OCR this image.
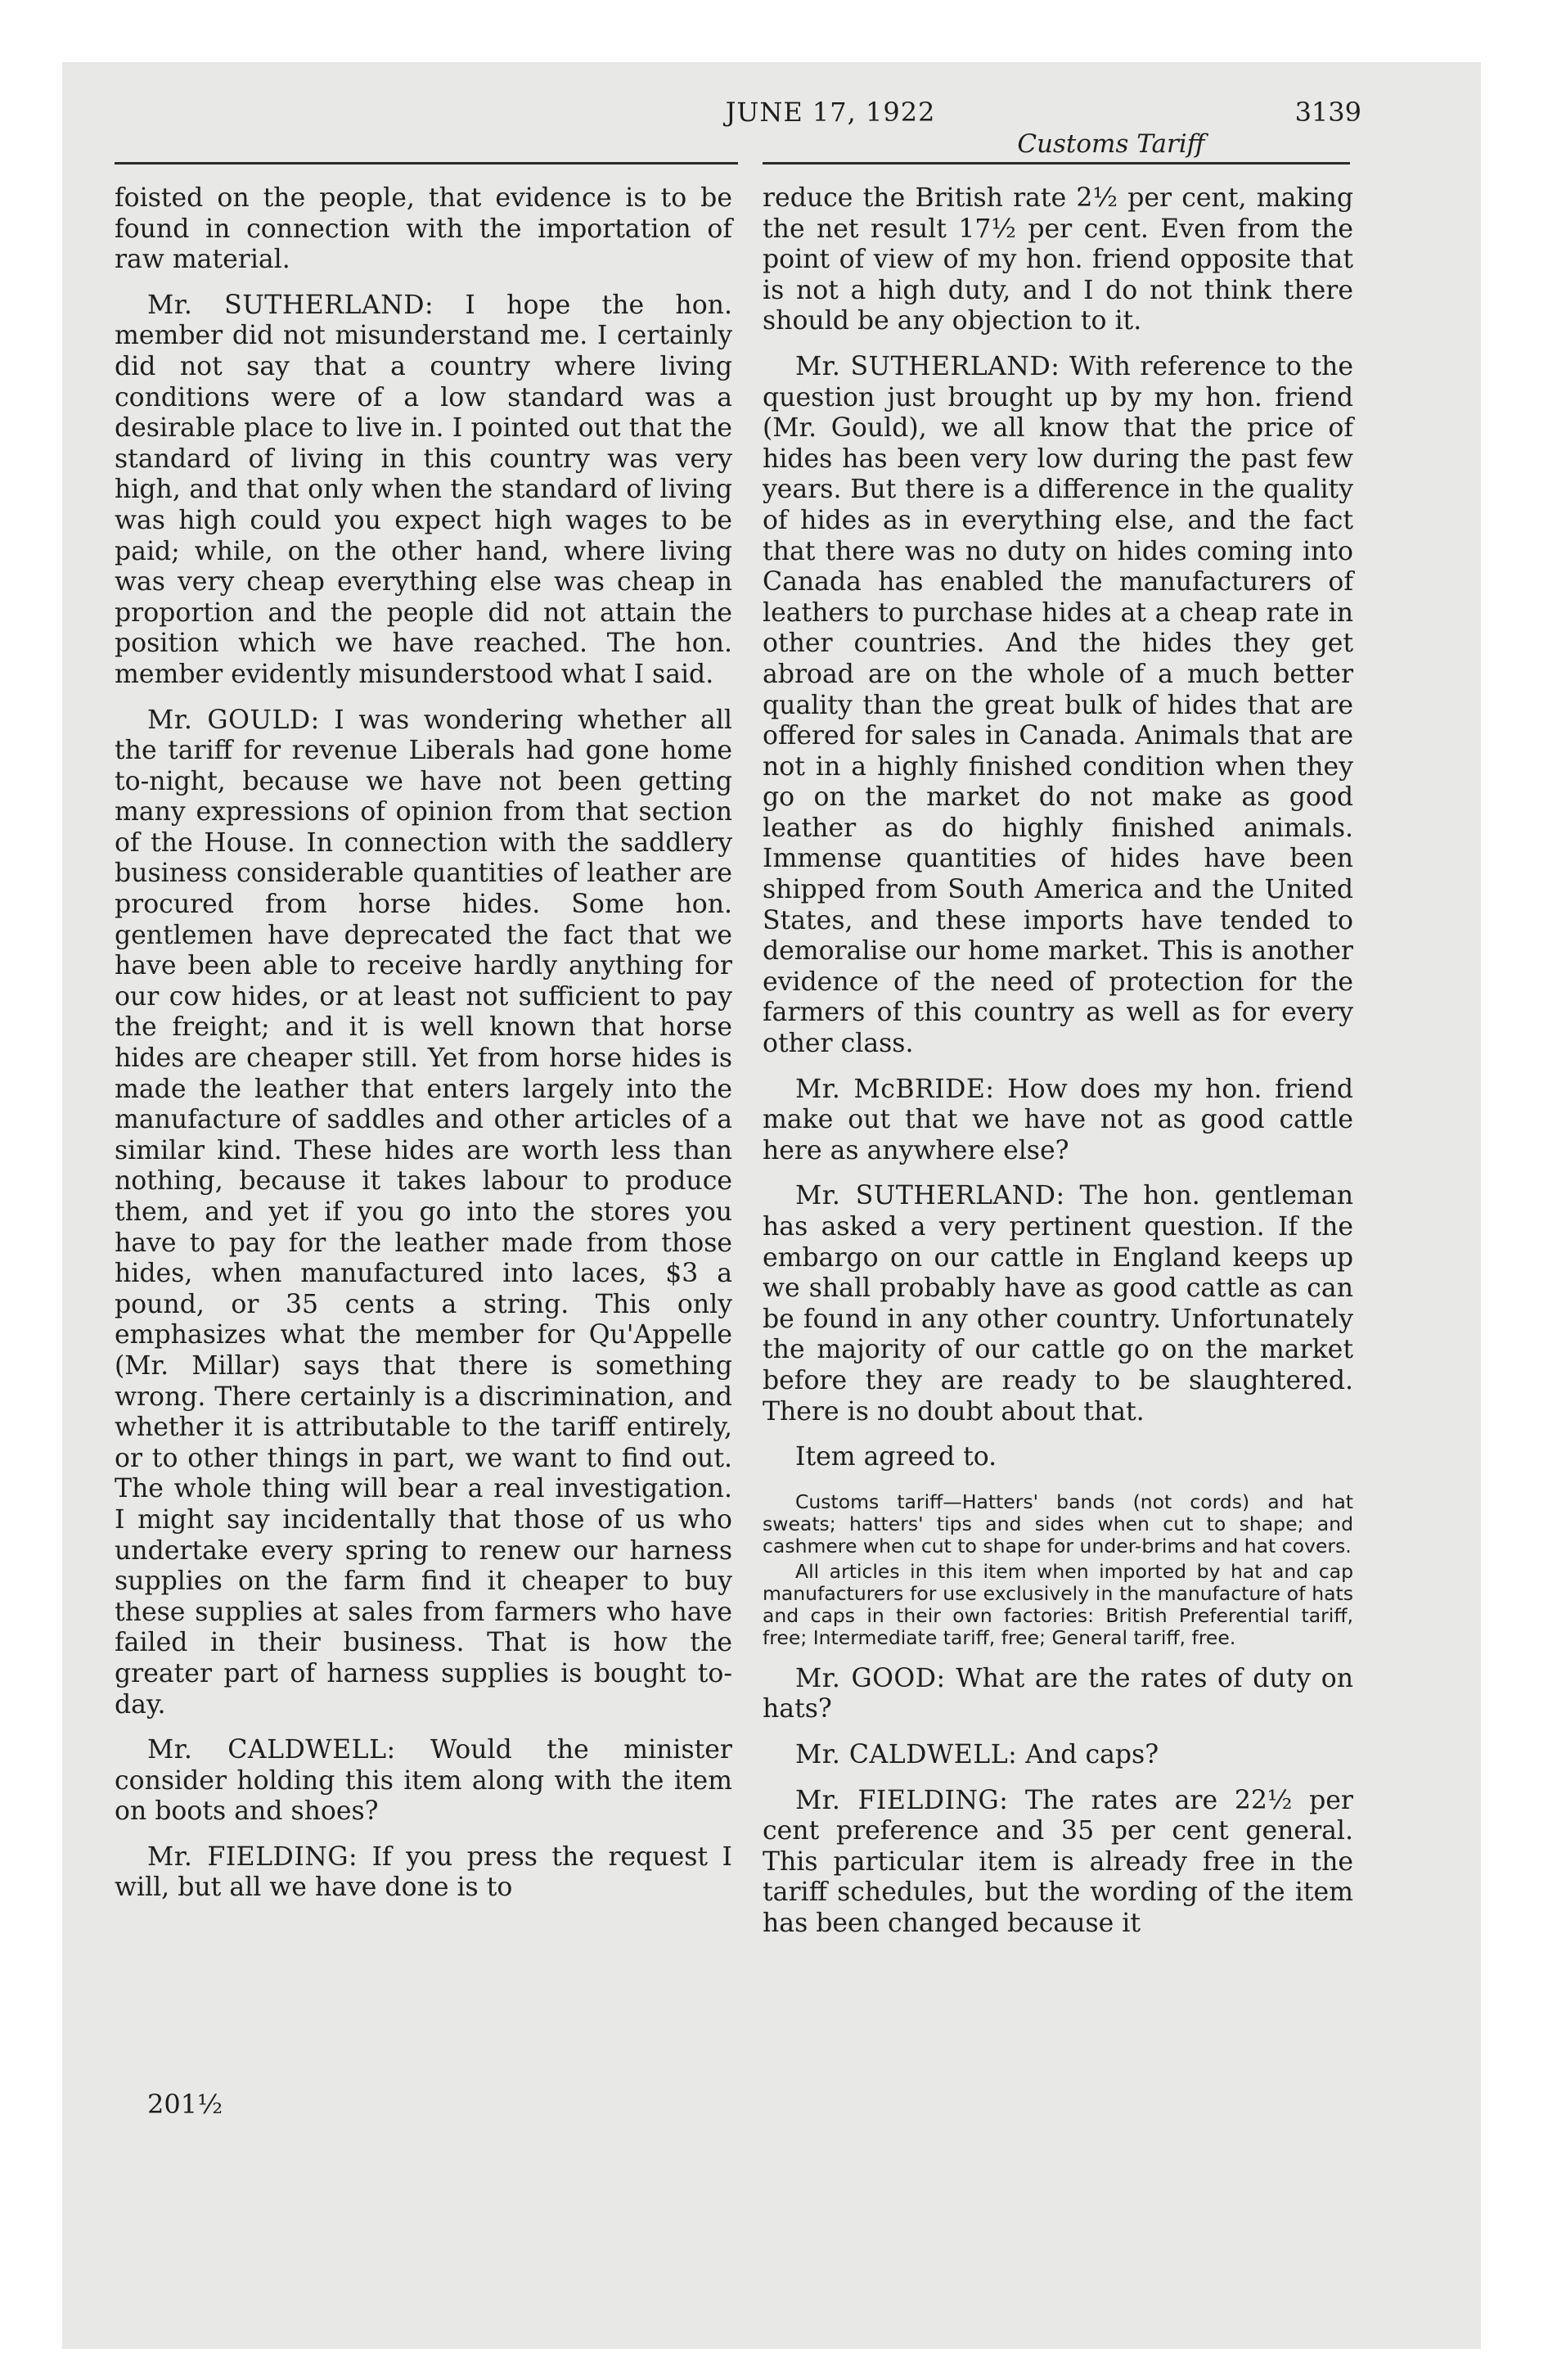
JUNE 17, 1922	3139
Customs Tariff

foisted on the people, that evidence is to be found in connection with the importation of raw material.

Mr. SUTHERLAND: I hope the hon. member did not misunderstand me. I certainly did not say that a country where living conditions were of a low standard was a desirable place to live in. I pointed out that the standard of living in this country was very high, and that only when the standard of living was high could you expect high wages to be paid; while, on the other hand, where living was very cheap everything else was cheap in proportion and the people did not attain the position which we have reached. The hon. member evidently misunderstood what I said.

Mr. GOULD: I was wondering whether all the tariff for revenue Liberals had gone home to-night, because we have not been getting many expressions of opinion from that section of the House. In connection with the saddlery business considerable quantities of leather are procured from horse hides. Some hon. gentlemen have deprecated the fact that we have been able to receive hardly anything for our cow hides, or at least not sufficient to pay the freight; and it is well known that horse hides are cheaper still. Yet from horse hides is made the leather that enters largely into the manufacture of saddles and other articles of a similar kind. These hides are worth less than nothing, because it takes labour to produce them, and yet if you go into the stores you have to pay for the leather made from those hides, when manufactured into laces, $3 a pound, or 35 cents a string. This only emphasizes what the member for Qu'Appelle (Mr. Millar) says that there is something wrong. There certainly is a discrimination, and whether it is attributable to the tariff entirely, or to other things in part, we want to find out. The whole thing will bear a real investigation. I might say incidentally that those of us who undertake every spring to renew our harness supplies on the farm find it cheaper to buy these supplies at sales from farmers who have failed in their business. That is how the greater part of harness supplies is bought to-day.

Mr. CALDWELL: Would the minister consider holding this item along with the item on boots and shoes?

Mr. FIELDING: If you press the request I will, but all we have done is to

reduce the British rate 2½ per cent, making the net result 17½ per cent. Even from the point of view of my hon. friend opposite that is not a high duty, and I do not think there should be any objection to it.

Mr. SUTHERLAND: With reference to the question just brought up by my hon. friend (Mr. Gould), we all know that the price of hides has been very low during the past few years. But there is a difference in the quality of hides as in everything else, and the fact that there was no duty on hides coming into Canada has enabled the manufacturers of leathers to purchase hides at a cheap rate in other countries. And the hides they get abroad are on the whole of a much better quality than the great bulk of hides that are offered for sales in Canada. Animals that are not in a highly finished condition when they go on the market do not make as good leather as do highly finished animals. Immense quantities of hides have been shipped from South America and the United States, and these imports have tended to demoralise our home market. This is another evidence of the need of protection for the farmers of this country as well as for every other class.

Mr. McBRIDE: How does my hon. friend make out that we have not as good cattle here as anywhere else?

Mr. SUTHERLAND: The hon. gentleman has asked a very pertinent question. If the embargo on our cattle in England keeps up we shall probably have as good cattle as can be found in any other country. Unfortunately the majority of our cattle go on the market before they are ready to be slaughtered. There is no doubt about that.

Item agreed to.

Customs tariff—Hatters' bands (not cords) and hat sweats; hatters' tips and sides when cut to shape; and cashmere when cut to shape for under-brims and hat covers.

All articles in this item when imported by hat and cap manufacturers for use exclusively in the manufacture of hats and caps in their own factories: British Preferential tariff, free; Intermediate tariff, free; General tariff, free.

Mr. GOOD: What are the rates of duty on hats?

Mr. CALDWELL: And caps?

Mr. FIELDING: The rates are 22½ per cent preference and 35 per cent general. This particular item is already free in the tariff schedules, but the wording of the item has been changed because it

201½
